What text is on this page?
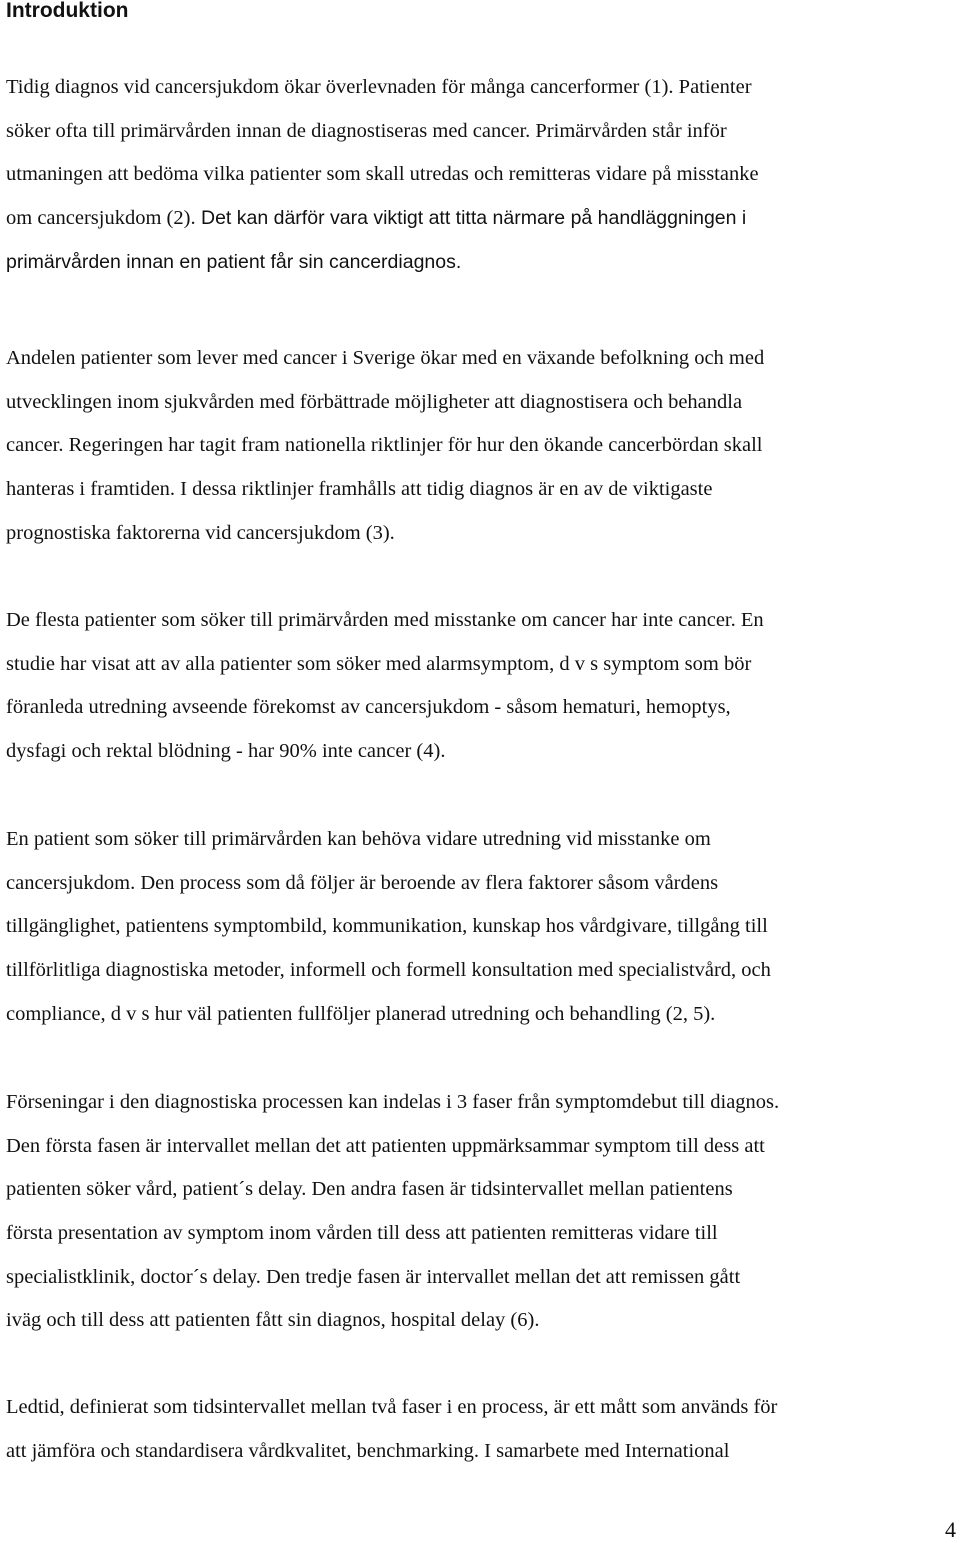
Introduktion

Tidig diagnos vid cancersjukdom ökar överlevnaden för många cancerformer (1). Patienter
söker ofta till primärvården innan de diagnostiseras med cancer. Primärvården står inför
utmaningen att bedöma vilka patienter som skall utredas och remitteras vidare på misstanke
om cancersjukdom (2). Det kan därför vara viktigt att titta närmare på handläggningen i
primärvården innan en patient får sin cancerdiagnos.

Andelen patienter som lever med cancer i Sverige ökar med en växande befolkning och med
utvecklingen inom sjukvården med förbättrade möjligheter att diagnostisera och behandla
cancer. Regeringen har tagit fram nationella riktlinjer för hur den ökande cancerbördan skall
hanteras i framtiden. I dessa riktlinjer framhålls att tidig diagnos är en av de viktigaste
prognostiska faktorerna vid cancersjukdom (3).

De flesta patienter som söker till primärvården med misstanke om cancer har inte cancer. En
studie har visat att av alla patienter som söker med alarmsymptom, d v s symptom som bör
föranleda utredning avseende förekomst av cancersjukdom - såsom hematuri, hemoptys,
dysfagi och rektal blödning - har 90% inte cancer (4).

En patient som söker till primärvården kan behöva vidare utredning vid misstanke om
cancersjukdom. Den process som då följer är beroende av flera faktorer såsom vårdens
tillgänglighet, patientens symptombild, kommunikation, kunskap hos vårdgivare, tillgång till
tillförlitliga diagnostiska metoder, informell och formell konsultation med specialistvård, och
compliance, d v s hur väl patienten fullföljer planerad utredning och behandling (2, 5).

Förseningar i den diagnostiska processen kan indelas i 3 faser från symptomdebut till diagnos.
Den första fasen är intervallet mellan det att patienten uppmärksammar symptom till dess att
patienten söker vård, patient´s delay. Den andra fasen är tidsintervallet mellan patientens
första presentation av symptom inom vården till dess att patienten remitteras vidare till
specialistklinik, doctor´s delay. Den tredje fasen är intervallet mellan det att remissen gått
iväg och till dess att patienten fått sin diagnos, hospital delay (6).

Ledtid, definierat som tidsintervallet mellan två faser i en process, är ett mått som används för
att jämföra och standardisera vårdkvalitet, benchmarking. I samarbete med International

4
